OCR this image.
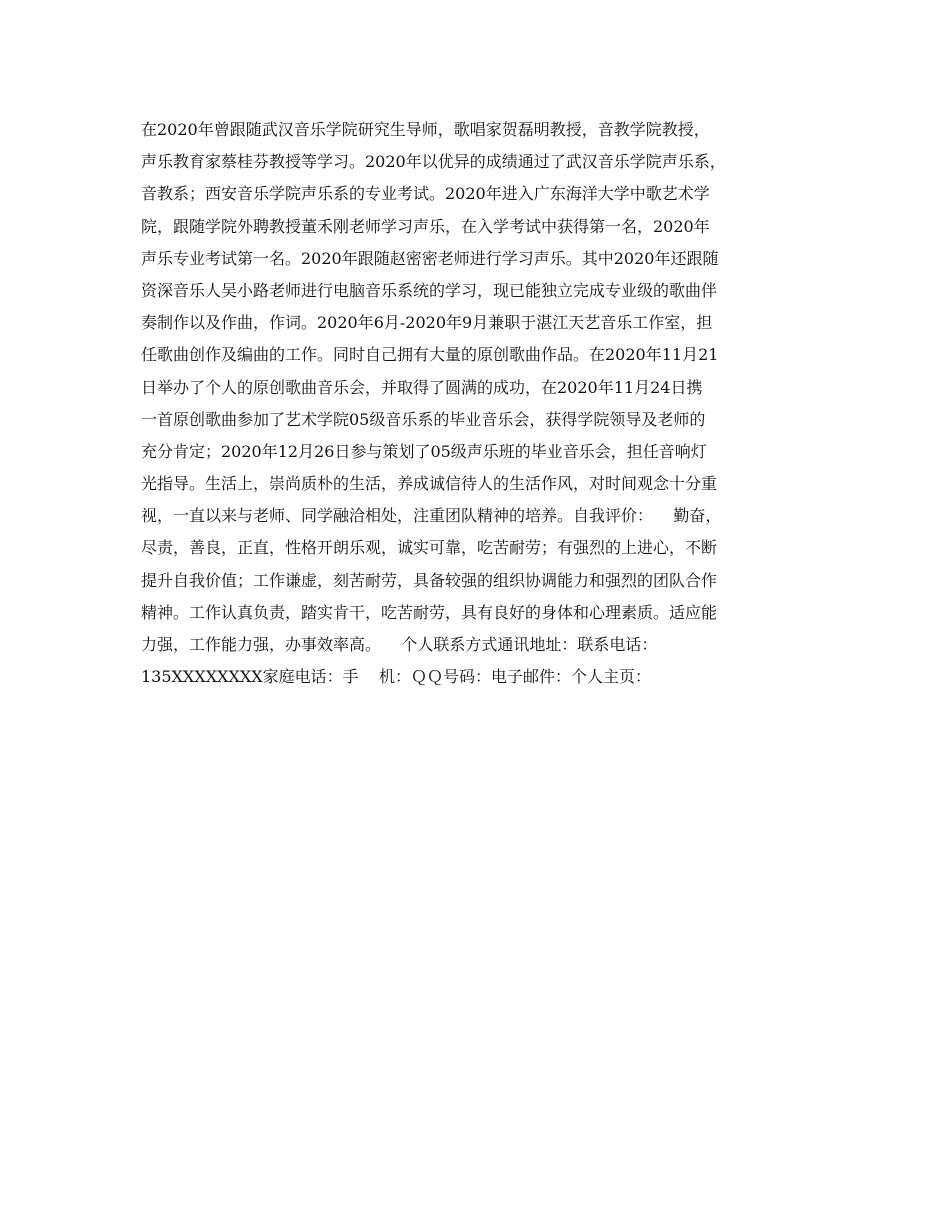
在2020年曾跟随武汉音乐学院研究生导师，歌唱家贺磊明教授，音教学院教授，
声乐教育家蔡桂芬教授等学习。2020年以优异的成绩通过了武汉音乐学院声乐系，
音教系；西安音乐学院声乐系的专业考试。2020年进入广东海洋大学中歌艺术学
院，跟随学院外聘教授董禾刚老师学习声乐，在入学考试中获得第一名，2020年
声乐专业考试第一名。2020年跟随赵密密老师进行学习声乐。其中2020年还跟随
资深音乐人吴小路老师进行电脑音乐系统的学习，现已能独立完成专业级的歌曲伴
奏制作以及作曲，作词。2020年6月-2020年9月兼职于湛江天艺音乐工作室，担
任歌曲创作及编曲的工作。同时自己拥有大量的原创歌曲作品。在2020年11月21
日举办了个人的原创歌曲音乐会，并取得了圆满的成功，在2020年11月24日携
一首原创歌曲参加了艺术学院05级音乐系的毕业音乐会，获得学院领导及老师的
充分肯定；2020年12月26日参与策划了05级声乐班的毕业音乐会，担任音响灯
光指导。生活上，崇尚质朴的生活，养成诚信待人的生活作风，对时间观念十分重
视，一直以来与老师、同学融洽相处，注重团队精神的培养。自我评价：    勤奋，
尽责，善良，正直，性格开朗乐观，诚实可靠，吃苦耐劳；有强烈的上进心，不断
提升自我价值；工作谦虚，刻苦耐劳，具备较强的组织协调能力和强烈的团队合作
精神。工作认真负责，踏实肯干，吃苦耐劳，具有良好的身体和心理素质。适应能
力强，工作能力强，办事效率高。    个人联系方式通讯地址：联系电话：
135XXXXXXXX家庭电话：手    机：ＱＱ号码：电子邮件：个人主页：
